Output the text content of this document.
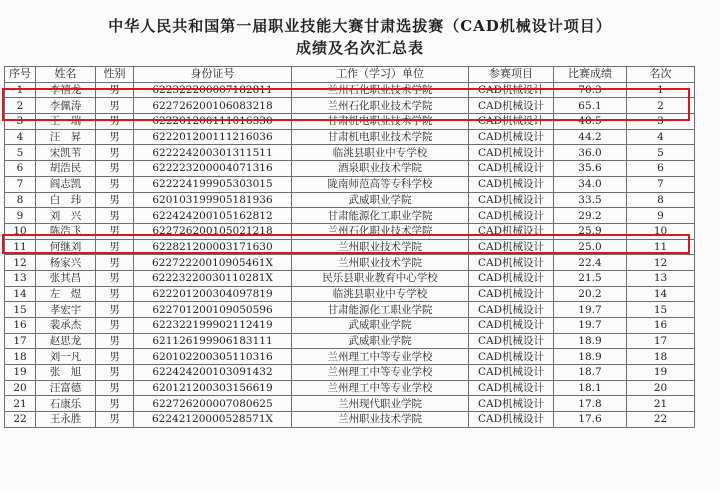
中华人民共和国第一届职业技能大赛甘肃选拔赛（CAD机械设计项目）
成绩及名次汇总表
序号	姓名	性别	身份证号	工作（学习）单位	参赛项目	比赛成绩	名次
1	李禧龙	男	622322200007182811	兰州石化职业技术学院	CAD机械设计	70.3	1
2	李佩涛	男	622726200106083218	兰州石化职业技术学院	CAD机械设计	65.1	2
3	王　瑞	男	622201200111016330	甘肃机电职业技术学院	CAD机械设计	48.5	3
4	汪　昇	男	622201200111216036	甘肃机电职业技术学院	CAD机械设计	44.2	4
5	宋凯苇	男	622224200301311511	临洮县职业中专学校	CAD机械设计	36.0	5
6	胡浩民	男	622223200004071316	酒泉职业技术学院	CAD机械设计	35.6	6
7	阎志凯	男	622224199905303015	陇南师范高等专科学校	CAD机械设计	34.0	7
8	白　玮	男	620103199905181936	武威职业学院	CAD机械设计	33.5	8
9	刘　兴	男	622424200105162812	甘肃能源化工职业学院	CAD机械设计	29.2	9
10	陈浩飞	男	622726200105021218	兰州石化职业技术学院	CAD机械设计	25.9	10
11	何继刘	男	622821200003171630	兰州职业技术学院	CAD机械设计	25.0	11
12	杨家兴	男	62272220010905461X	兰州职业技术学院	CAD机械设计	22.4	12
13	张其昌	男	62223220030110281X	民乐县职业教育中心学校	CAD机械设计	21.5	13
14	左　煜	男	622201200304097819	临洮县职业中专学校	CAD机械设计	20.2	14
15	孝宏宇	男	622701200109050596	甘肃能源化工职业学院	CAD机械设计	19.7	15
16	裴承杰	男	622322199902112419	武威职业学院	CAD机械设计	19.7	16
17	赵思龙	男	621126199906183111	武威职业学院	CAD机械设计	18.9	17
18	刘一凡	男	620102200305110316	兰州理工中等专业学校	CAD机械设计	18.9	18
19	张　旭	男	622424200103091432	兰州理工中等专业学校	CAD机械设计	18.7	19
20	汪富德	男	620121200303156619	兰州理工中等专业学校	CAD机械设计	18.1	20
21	石康乐	男	622726200007080625	兰州现代职业学院	CAD机械设计	17.8	21
22	王永胜	男	62242120000528571X	兰州职业技术学院	CAD机械设计	17.6	22
